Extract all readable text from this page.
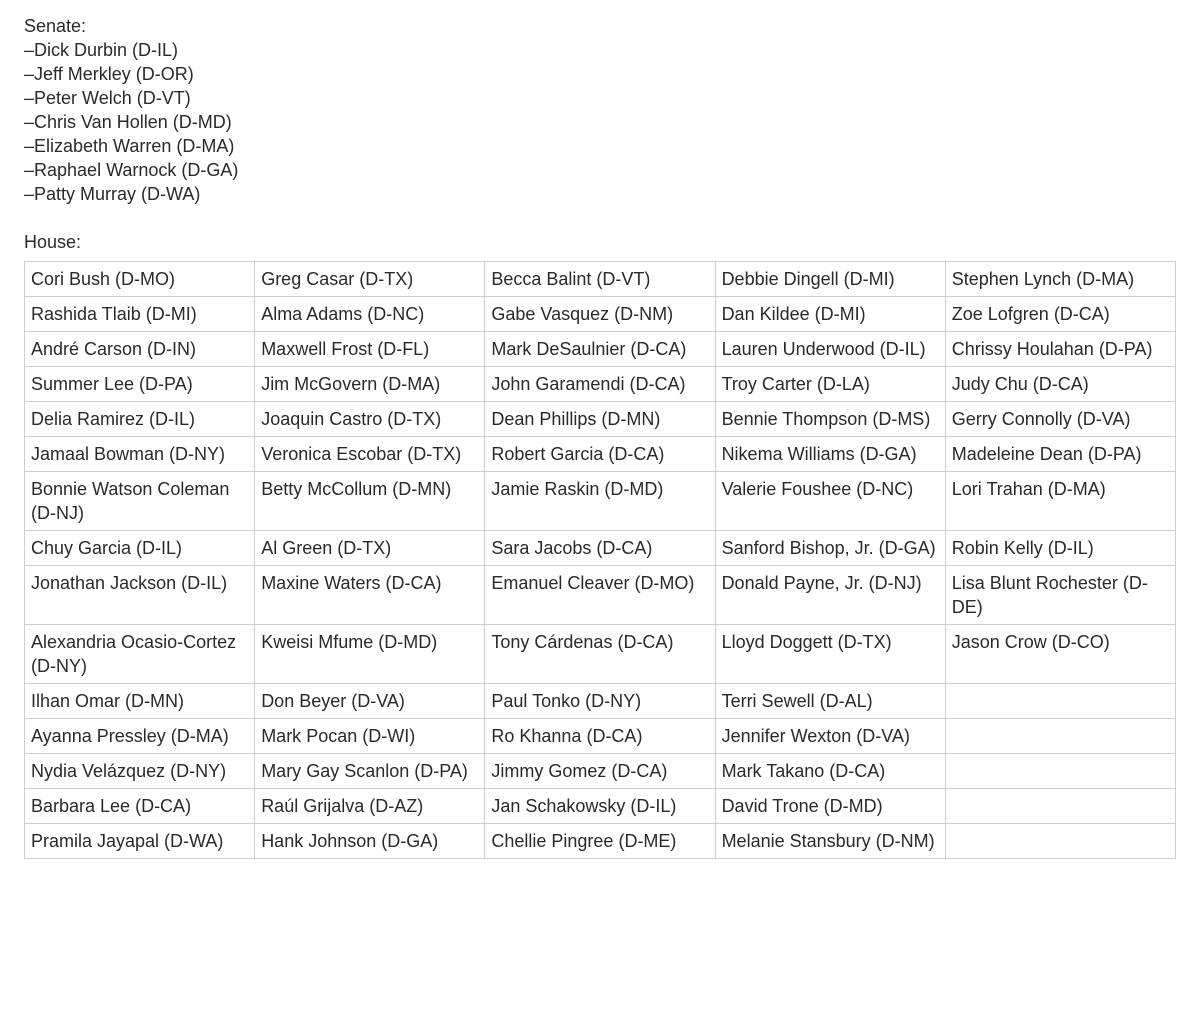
Senate:

–Dick Durbin (D-IL)
–Jeff Merkley (D-OR)
–Peter Welch (D-VT)
–Chris Van Hollen (D-MD)
–Elizabeth Warren (D-MA)
–Raphael Warnock (D-GA)
–Patty Murray (D-WA)

House:

Cori Bush (D-MO)	Greg Casar (D-TX)	Becca Balint (D-VT)	Debbie Dingell (D-MI)	Stephen Lynch (D-MA)
Rashida Tlaib (D-MI)	Alma Adams (D-NC)	Gabe Vasquez (D-NM)	Dan Kildee (D-MI)	Zoe Lofgren (D-CA)
André Carson (D-IN)	Maxwell Frost (D-FL)	Mark DeSaulnier (D-CA)	Lauren Underwood (D-IL)	Chrissy Houlahan (D-PA)
Summer Lee (D-PA)	Jim McGovern (D-MA)	John Garamendi (D-CA)	Troy Carter (D-LA)	Judy Chu (D-CA)
Delia Ramirez (D-IL)	Joaquin Castro (D-TX)	Dean Phillips (D-MN)	Bennie Thompson (D-MS)	Gerry Connolly (D-VA)
Jamaal Bowman (D-NY)	Veronica Escobar (D-TX)	Robert Garcia (D-CA)	Nikema Williams (D-GA)	Madeleine Dean (D-PA)
Bonnie Watson Coleman (D-NJ)	Betty McCollum (D-MN)	Jamie Raskin (D-MD)	Valerie Foushee (D-NC)	Lori Trahan (D-MA)
Chuy Garcia (D-IL)	Al Green (D-TX)	Sara Jacobs (D-CA)	Sanford Bishop, Jr. (D-GA)	Robin Kelly (D-IL)
Jonathan Jackson (D-IL)	Maxine Waters (D-CA)	Emanuel Cleaver (D-MO)	Donald Payne, Jr. (D-NJ)	Lisa Blunt Rochester (D-DE)
Alexandria Ocasio-Cortez (D-NY)	Kweisi Mfume (D-MD)	Tony Cárdenas (D-CA)	Lloyd Doggett (D-TX)	Jason Crow (D-CO)
Ilhan Omar (D-MN)	Don Beyer (D-VA)	Paul Tonko (D-NY)	Terri Sewell (D-AL)	
Ayanna Pressley (D-MA)	Mark Pocan (D-WI)	Ro Khanna (D-CA)	Jennifer Wexton (D-VA)	
Nydia Velázquez (D-NY)	Mary Gay Scanlon (D-PA)	Jimmy Gomez (D-CA)	Mark Takano (D-CA)	
Barbara Lee (D-CA)	Raúl Grijalva (D-AZ)	Jan Schakowsky (D-IL)	David Trone (D-MD)	
Pramila Jayapal (D-WA)	Hank Johnson (D-GA)	Chellie Pingree (D-ME)	Melanie Stansbury (D-NM)	
